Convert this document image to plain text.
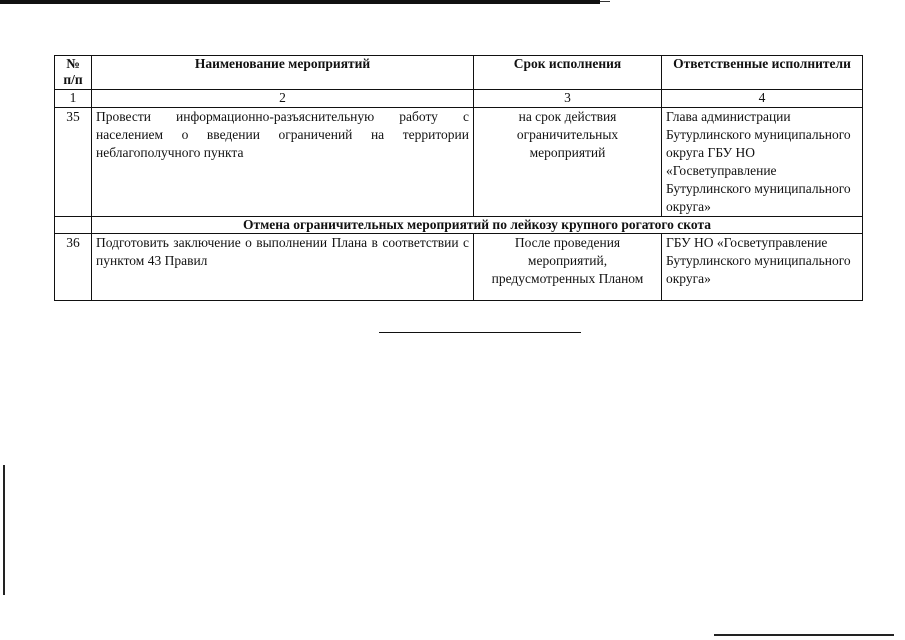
№ п/п	Наименование мероприятий	Срок исполнения	Ответственные исполнители
1	2	3	4
35	Провести информационно-разъяснительную работу с населением о введении ограничений на территории неблагополучного пункта	на срок действия ограничительных мероприятий	Глава администрации Бутурлинского муниципального округа ГБУ НО «Госветуправление Бутурлинского муниципального округа»
	Отмена ограничительных мероприятий по лейкозу крупного рогатого скота		
36	Подготовить заключение о выполнении Плана в соответствии с пунктом 43 Правил	После проведения мероприятий, предусмотренных Планом	ГБУ НО «Госветуправление Бутурлинского муниципального округа»
